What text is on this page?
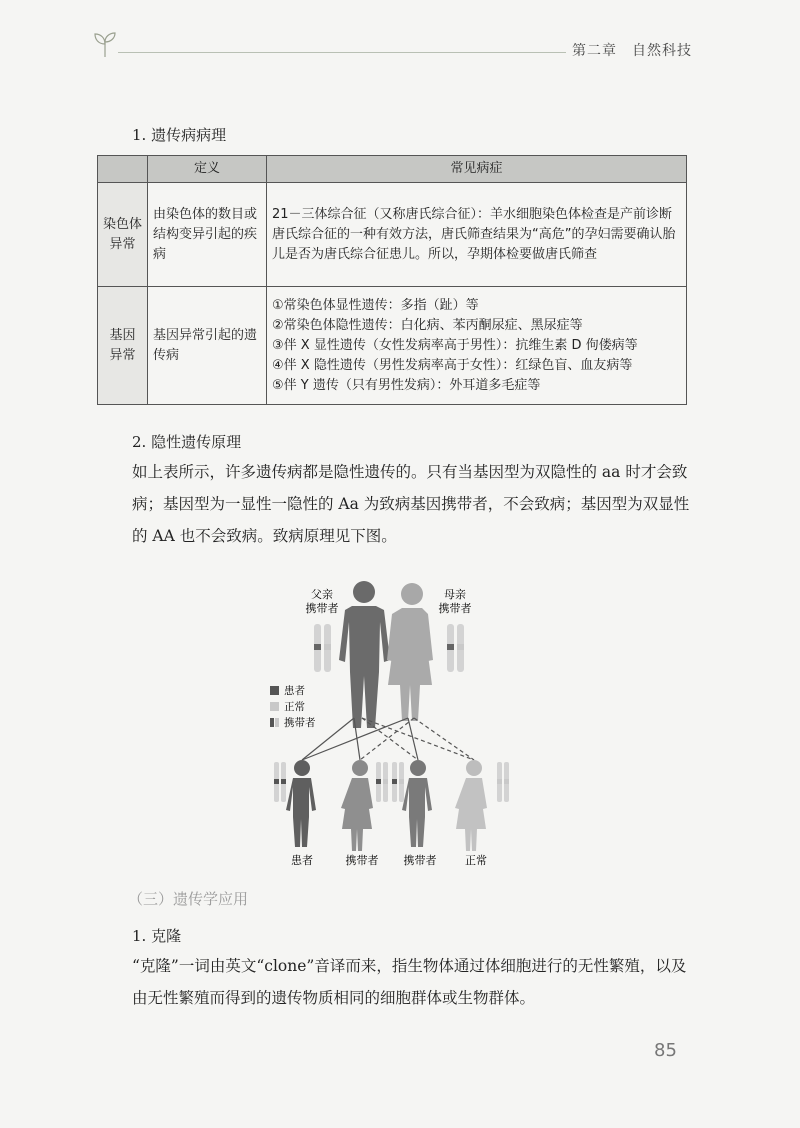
第二章　自然科技
1. 遗传病病理
	定义	常见病症

染色体
异常	由染色体的数目或结构变异引起的疾病	21－三体综合征（又称唐氏综合征）：羊水细胞染色体检查是产前诊断唐氏综合征的一种有效方法，唐氏筛查结果为“高危”的孕妇需要确认胎儿是否为唐氏综合征患儿。所以，孕期体检要做唐氏筛查

基因
异常	基因异常引起的遗传病	①常染色体显性遗传：多指（趾）等
②常染色体隐性遗传：白化病、苯丙酮尿症、黑尿症等
③伴 X 显性遗传（女性发病率高于男性）：抗维生素 D 佝偻病等
④伴 X 隐性遗传（男性发病率高于女性）：红绿色盲、血友病等
⑤伴 Y 遗传（只有男性发病）：外耳道多毛症等
2. 隐性遗传原理
如上表所示，许多遗传病都是隐性遗传的。只有当基因型为双隐性的 aa 时才会致病；基因型为一显性一隐性的 Aa 为致病基因携带者，不会致病；基因型为双显性的 AA 也不会致病。致病原理见下图。
父亲
携带者
母亲
携带者
患者
正常
携带者
患者	携带者 携带者	正常
（三）遗传学应用
1. 克隆
“克隆”一词由英文“clone”音译而来，指生物体通过体细胞进行的无性繁殖，以及由无性繁殖而得到的遗传物质相同的细胞群体或生物群体。
85
